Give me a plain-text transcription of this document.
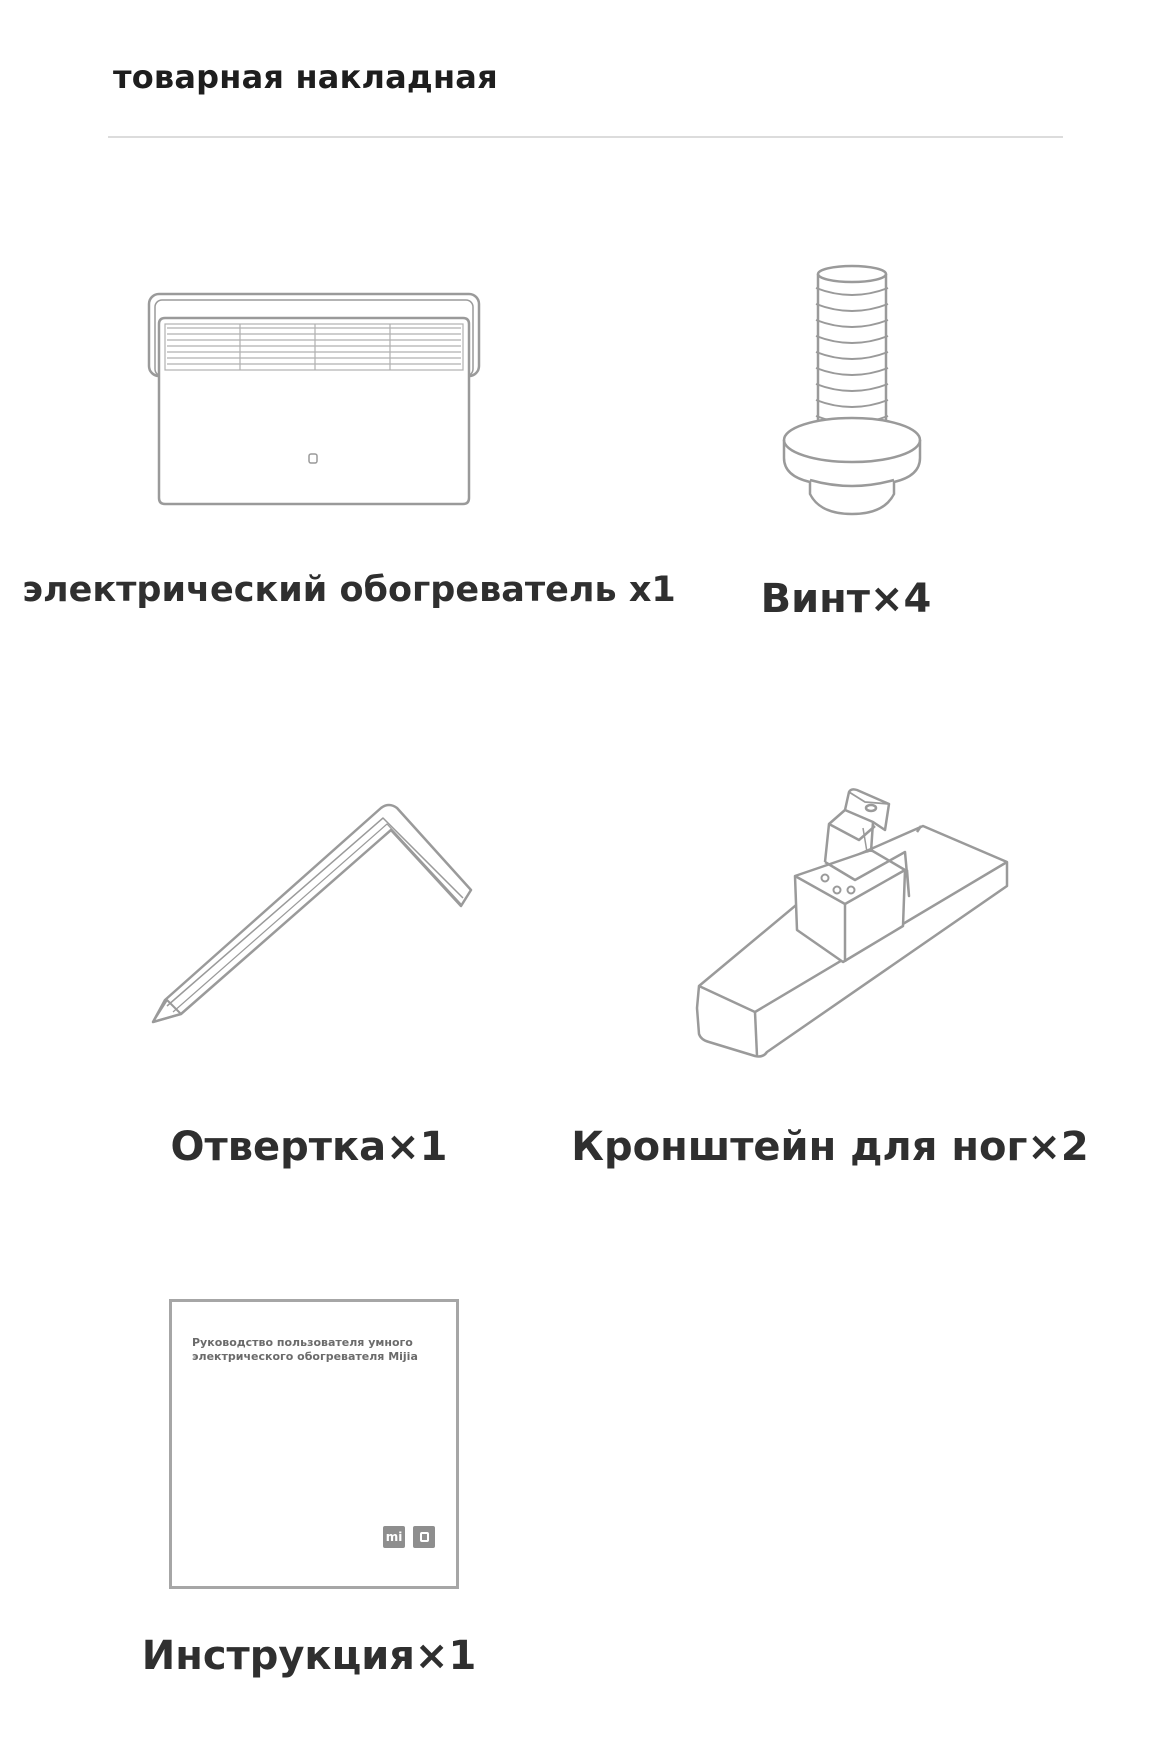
товарная накладная
электрический обогреватель x1 Винт×4
Отвертка×1	Кронштейн для ног×2
Руководство пользователя умного
электрического обогревателя Mijia
mi
Инструкция×1
